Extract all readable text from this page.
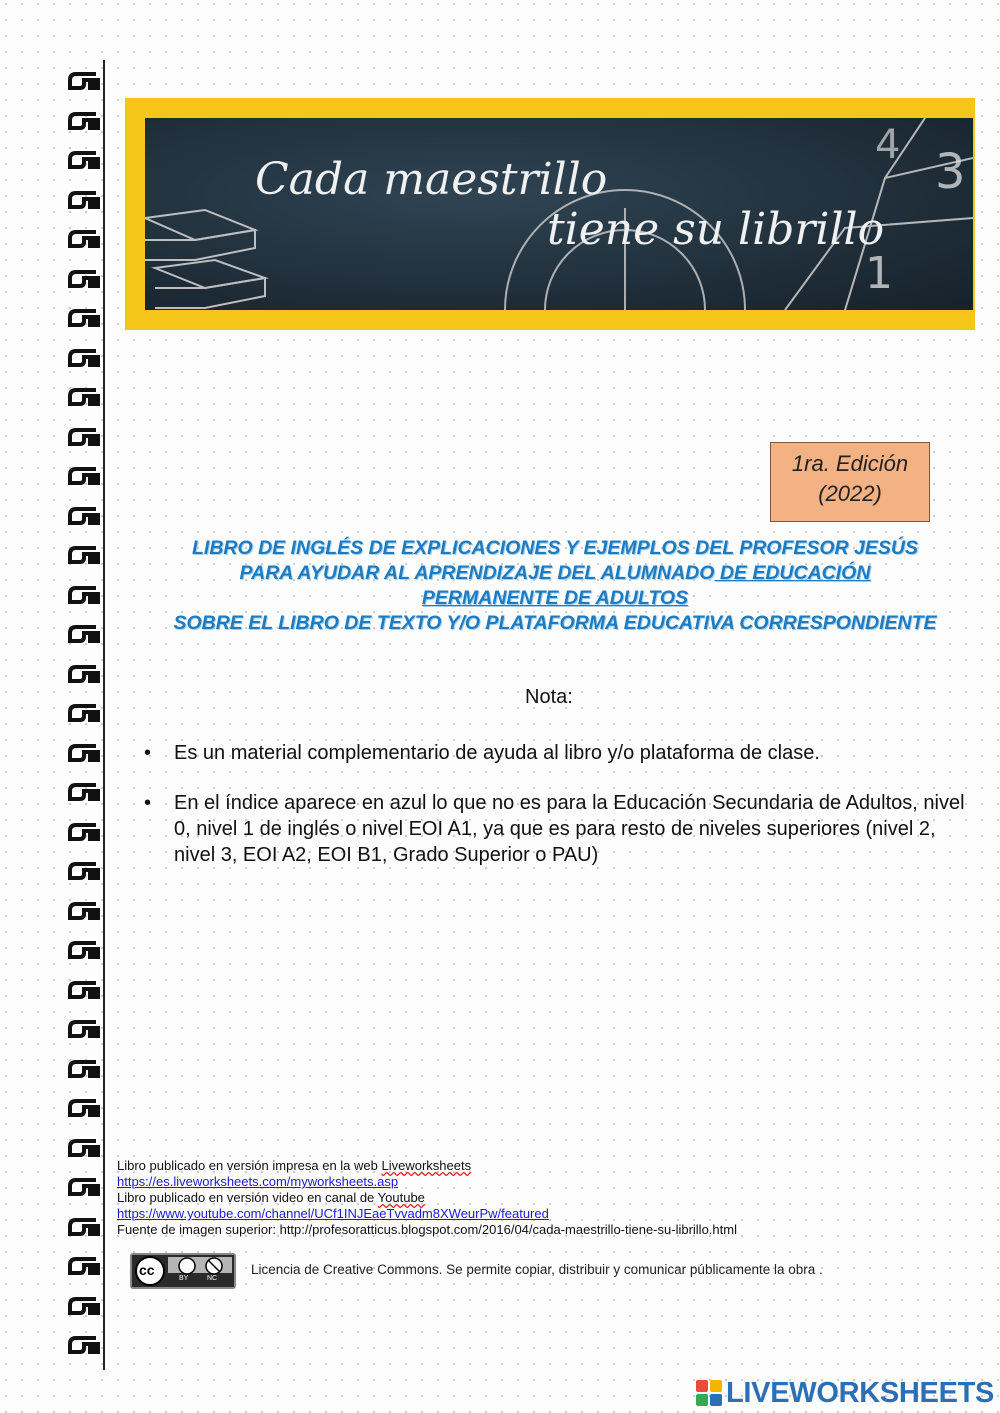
3
1
4
Cada maestrillo
tiene su librillo
1ra. Edición
(2022)
LIBRO DE INGLÉS DE EXPLICACIONES Y EJEMPLOS DEL PROFESOR JESÚS
PARA AYUDAR AL APRENDIZAJE DEL ALUMNADO DE EDUCACIÓN
PERMANENTE DE ADULTOS
SOBRE EL LIBRO DE TEXTO Y/O PLATAFORMA EDUCATIVA CORRESPONDIENTE
Nota:
• Es un material complementario de ayuda al libro y/o plataforma de clase.
• En el índice aparece en azul lo que no es para la Educación Secundaria de Adultos, nivel 0, nivel 1 de inglés o nivel EOI A1, ya que es para resto de niveles superiores (nivel 2, nivel 3, EOI A2, EOI B1, Grado Superior o PAU)
Libro publicado en versión impresa en la web Liveworksheets
https://es.liveworksheets.com/myworksheets.asp
Libro publicado en versión video en canal de Youtube
https://www.youtube.com/channel/UCf1INJEaeTvvadm8XWeurPw/featured
Fuente de imagen superior: http://profesoratticus.blogspot.com/2016/04/cada-maestrillo-tiene-su-librillo.html
cc
BY	NC
Licencia de Creative Commons. Se permite copiar, distribuir y comunicar públicamente la obra .
LIVEWORKSHEETS
